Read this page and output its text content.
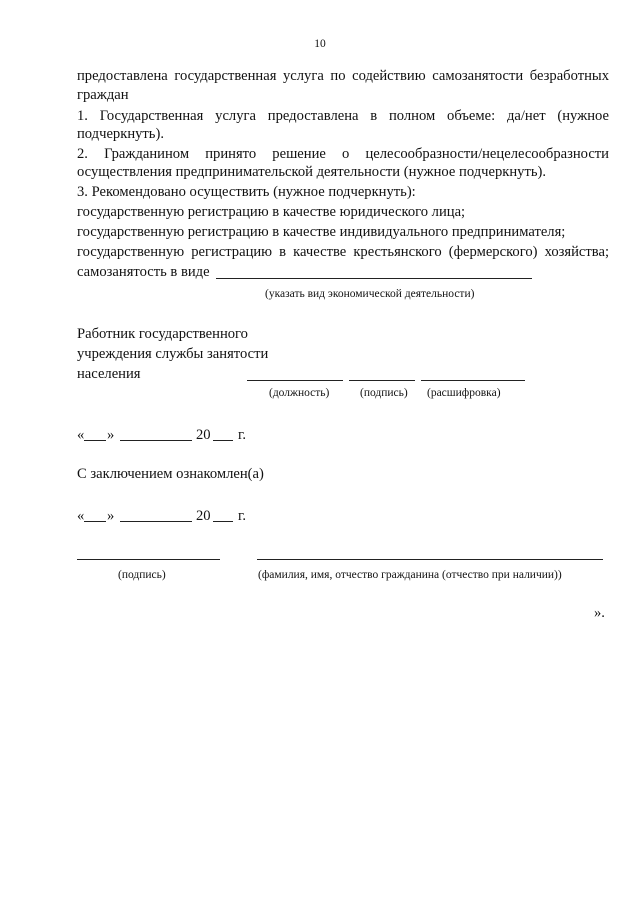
10
предоставлена государственная услуга по содействию самозанятости безработных
граждан
1. Государственная услуга предоставлена в полном объеме: да/нет (нужное
подчеркнуть).
2. Гражданином принято решение о целесообразности/нецелесообразности
осуществления предпринимательской деятельности (нужное подчеркнуть).
3. Рекомендовано осуществить (нужное подчеркнуть):
государственную регистрацию в качестве юридического лица;
государственную регистрацию в качестве индивидуального предпринимателя;
государственную регистрацию в качестве крестьянского (фермерского) хозяйства;
самозанятость в виде
(указать вид экономической деятельности)
Работник государственного
учреждения службы занятости
населения
(должность)	(подпись) (расшифровка)
« »	20 г.
С заключением ознакомлен(а)
« »	20 г.
(подпись)	(фамилия, имя, отчество гражданина (отчество при наличии))
».
